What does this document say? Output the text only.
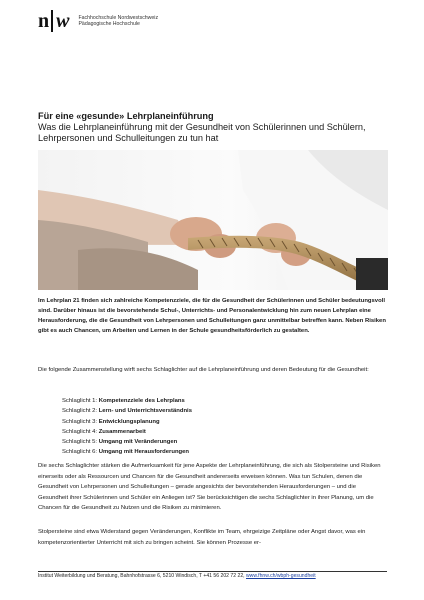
n w Fachhochschule Nordwestschweiz
Pädagogische Hochschule

Für eine «gesunde» Lehrplaneinführung

Was die Lehrplaneinführung mit der Gesundheit von Schülerinnen und Schülern, Lehrpersonen und Schulleitungen zu tun hat

Im Lehrplan 21 finden sich zahlreiche Kompetenzziele, die für die Gesundheit der Schülerinnen und Schüler bedeutungsvoll sind. Darüber hinaus ist die bevorstehende Schul-, Unterrichts- und Personalentwicklung hin zum neuen Lehrplan eine Herausforderung, die die Gesundheit von Lehrpersonen und Schulleitungen ganz unmittelbar betreffen kann. Neben Risiken gibt es auch Chancen, um Arbeiten und Lernen in der Schule gesundheitsförderlich zu gestalten.

Die folgende Zusammenstellung wirft sechs Schlaglichter auf die Lehrplaneinführung und deren Bedeutung für die Gesundheit:

Schlaglicht 1: Kompetenzziele des Lehrplans
Schlaglicht 2: Lern- und Unterrichtsverständnis
Schlaglicht 3: Entwicklungsplanung
Schlaglicht 4: Zusammenarbeit
Schlaglicht 5: Umgang mit Veränderungen
Schlaglicht 6: Umgang mit Herausforderungen

Die sechs Schlaglichter stärken die Aufmerksamkeit für jene Aspekte der Lehrplaneinführung, die sich als Stolpersteine und Risiken einerseits oder als Ressourcen und Chancen für die Gesundheit andererseits erweisen können. Was tun Schulen, denen die Gesundheit von Lehrpersonen und Schulleitungen – gerade angesichts der bevorstehenden Herausforderungen – und die Gesundheit ihrer Schülerinnen und Schüler ein Anliegen ist? Sie berücksichtigen die sechs Schlaglichter in ihrer Planung, um die Chancen für die Gesundheit zu Nutzen und die Risiken zu minimieren.

Stolpersteine sind etwa Widerstand gegen Veränderungen, Konflikte im Team, ehrgeizige Zeitpläne oder Angst davor, was ein kompetenzorientierter Unterricht mit sich zu bringen scheint. Sie können Prozesse er-

Institut Weiterbildung und Beratung, Bahnhofstrasse 6, 5210 Windisch, T +41 56 202 72 22, www.fhnw.ch/wbph-gesundheit
